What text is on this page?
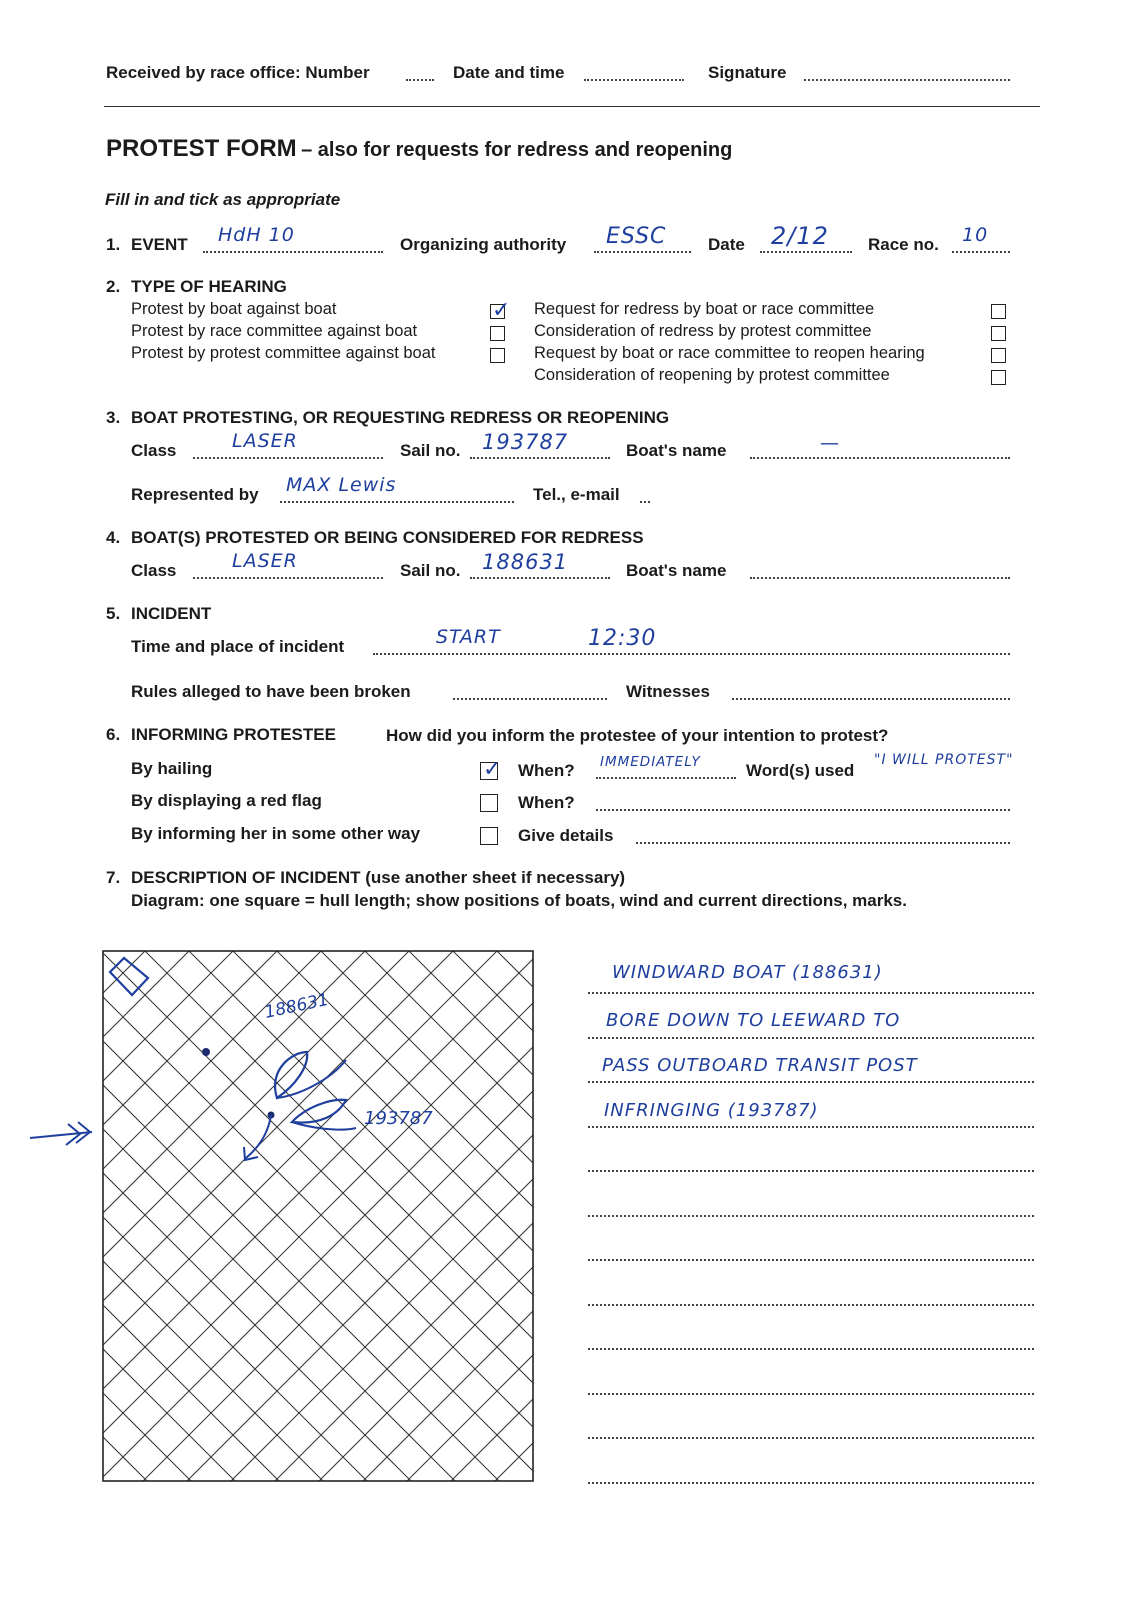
Received by race office: Number	Date and time	Signature
PROTEST FORM – also for requests for redress and reopening
Fill in and tick as appropriate
1. EVENT HdH 10	Organizing authority ESSC Date 2/12 Race no. 10
2. TYPE OF HEARING
Protest by boat against boat	✓
Protest by race committee against boat
Protest by protest committee against boat
Request for redress by boat or race committee
Consideration of redress by protest committee
Request by boat or race committee to reopen hearing
Consideration of reopening by protest committee
3. BOAT PROTESTING, OR REQUESTING REDRESS OR REOPENING
Class	LASER	Sail no. 193787	Boat's name	—
Represented by MAX Lewis	Tel., e-mail
4. BOAT(S) PROTESTED OR BEING CONSIDERED FOR REDRESS
Class	LASER	Sail no. 188631	Boat's name
5. INCIDENT
Time and place of incident	START	12:30
Rules alleged to have been broken	Witnesses
6. INFORMING PROTESTEE	How did you inform the protestee of your intention to protest?
By hailing	✓ When? IMMEDIATELY	Word(s) used
"I WILL PROTEST"
By displaying a red flag	When?
By informing her in some other way	Give details
7. DESCRIPTION OF INCIDENT (use another sheet if necessary)
Diagram: one square = hull length; show positions of boats, wind and current directions, marks.
188631
193787
WINDWARD BOAT (188631)
BORE DOWN TO LEEWARD TO
PASS OUTBOARD TRANSIT POST
INFRINGING (193787)
